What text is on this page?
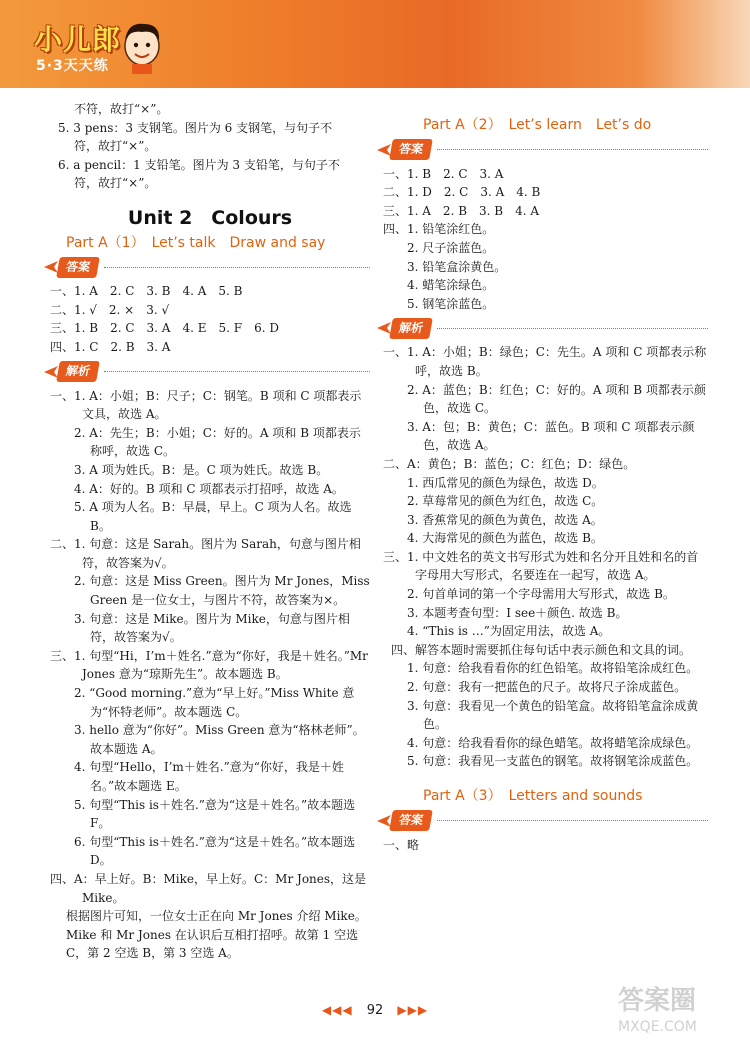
小儿郎
5·3天天练

不符，故打“×”。

5. 3 pens：3 支钢笔。图片为 6 支钢笔，与句子不

符，故打“×”。

6. a pencil：1 支铅笔。图片为 3 支铅笔，与句子不

符，故打“×”。

Unit 2　Colours
Part A（1）　Let’s talk　Draw and say
答案

一、1. A　2. C　3. B　4. A　5. B

二、1. √　2. ×　3. √

三、1. B　2. C　3. A　4. E　5. F　6. D

四、1. C　2. B　3. A

解析

一、1. A：小姐；B：尺子；C：钢笔。B 项和 C 项都表示文具，故选 A。

2. A：先生；B：小姐；C：好的。A 项和 B 项都表示称呼，故选 C。

3. A 项为姓氏。B：是。C 项为姓氏。故选 B。

4. A：好的。B 项和 C 项都表示打招呼，故选 A。

5. A 项为人名。B：早晨，早上。C 项为人名。故选 B。

二、1. 句意：这是 Sarah。图片为 Sarah，句意与图片相符，故答案为√。

2. 句意：这是 Miss Green。图片为 Mr Jones，Miss Green 是一位女士，与图片不符，故答案为×。

3. 句意：这是 Mike。图片为 Mike，句意与图片相符，故答案为√。

三、1. 句型“Hi，I’m＋姓名.”意为“你好，我是＋姓名。”Mr Jones 意为“琼斯先生”。故本题选 B。

2. “Good morning.”意为“早上好。”Miss White 意为“怀特老师”。故本题选 C。

3. hello 意为“你好”。Miss Green 意为“格林老师”。故本题选 A。

4. 句型“Hello，I’m＋姓名.”意为“你好，我是＋姓名。”故本题选 E。

5. 句型“This is＋姓名.”意为“这是＋姓名。”故本题选 F。

6. 句型“This is＋姓名.”意为“这是＋姓名。”故本题选 D。

四、A：早上好。B：Mike，早上好。C：Mr Jones，这是 Mike。

根据图片可知，一位女士正在向 Mr Jones 介绍 Mike。Mike 和 Mr Jones 在认识后互相打招呼。故第 1 空选 C，第 2 空选 B，第 3 空选 A。

Part A（2）　Let’s learn　Let’s do
答案

一、1. B　2. C　3. A

二、1. D　2. C　3. A　4. B

三、1. A　2. B　3. B　4. A

四、1. 铅笔涂红色。

2. 尺子涂蓝色。

3. 铅笔盒涂黄色。

4. 蜡笔涂绿色。

5. 钢笔涂蓝色。

解析

一、1. A：小姐；B：绿色；C：先生。A 项和 C 项都表示称呼，故选 B。

2. A：蓝色；B：红色；C：好的。A 项和 B 项都表示颜色，故选 C。

3. A：包；B：黄色；C：蓝色。B 项和 C 项都表示颜色，故选 A。

二、A：黄色；B：蓝色；C：红色；D：绿色。

1. 西瓜常见的颜色为绿色，故选 D。

2. 草莓常见的颜色为红色，故选 C。

3. 香蕉常见的颜色为黄色，故选 A。

4. 大海常见的颜色为蓝色，故选 B。

三、1. 中文姓名的英文书写形式为姓和名分开且姓和名的首字母用大写形式，名要连在一起写，故选 A。

2. 句首单词的第一个字母需用大写形式，故选 B。

3. 本题考查句型：I see＋颜色. 故选 B。

4. “This is …”为固定用法，故选 A。

四、解答本题时需要抓住每句话中表示颜色和文具的词。

1. 句意：给我看看你的红色铅笔。故将铅笔涂成红色。

2. 句意：我有一把蓝色的尺子。故将尺子涂成蓝色。

3. 句意：我看见一个黄色的铅笔盒。故将铅笔盒涂成黄色。

4. 句意：给我看看你的绿色蜡笔。故将蜡笔涂成绿色。

5. 句意：我看见一支蓝色的钢笔。故将钢笔涂成蓝色。

Part A（3）　Letters and sounds
答案

一、略

◀◀◀ 92 ▶▶▶	答案圈
MXQE.COM
